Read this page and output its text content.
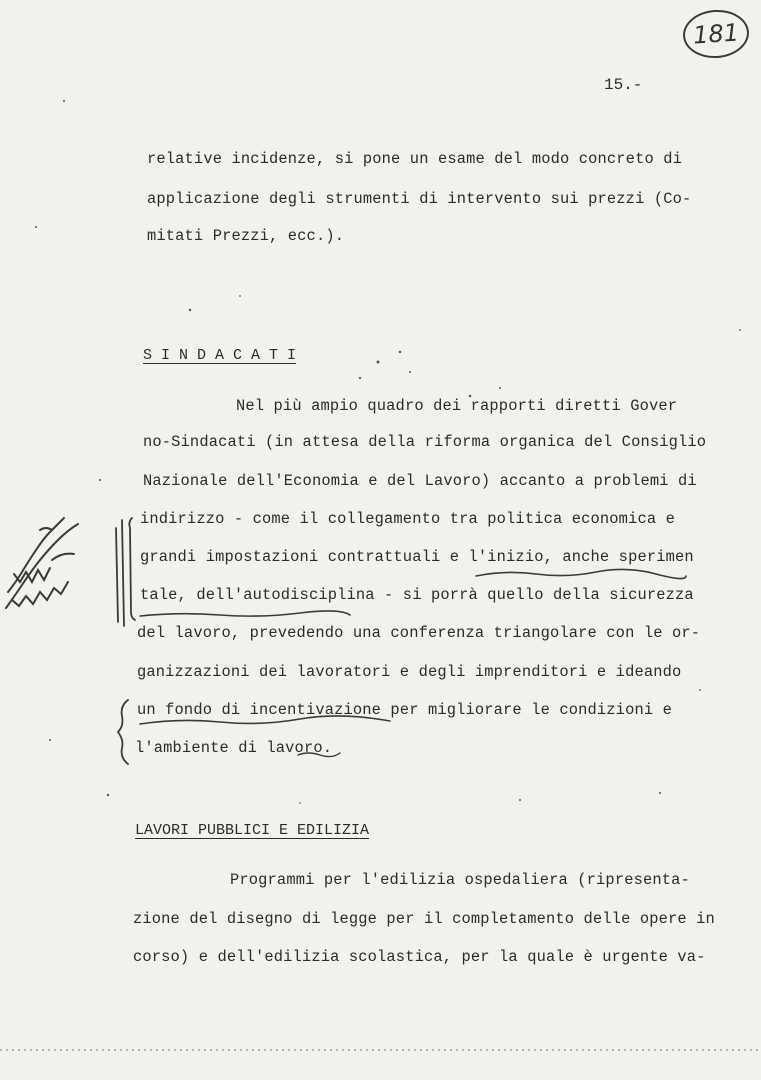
181
15.-
relative incidenze, si pone un esame del modo concreto di
applicazione degli strumenti di intervento sui prezzi (Co-
mitati Prezzi, ecc.).
S I N D A C A T I
Nel più ampio quadro dei rapporti diretti Gover
no-Sindacati (in attesa della riforma organica del Consiglio
Nazionale dell'Economia e del Lavoro) accanto a problemi di
indirizzo - come il collegamento tra politica economica e
grandi impostazioni contrattuali e l'inizio, anche sperimen
tale, dell'autodisciplina - si porrà quello della sicurezza
del lavoro, prevedendo una conferenza triangolare con le or-
ganizzazioni dei lavoratori e degli imprenditori e ideando
un fondo di incentivazione per migliorare le condizioni e
l'ambiente di lavoro.
LAVORI PUBBLICI E EDILIZIA
Programmi per l'edilizia ospedaliera (ripresenta-
zione del disegno di legge per il completamento delle opere in
corso) e dell'edilizia scolastica, per la quale è urgente va-
